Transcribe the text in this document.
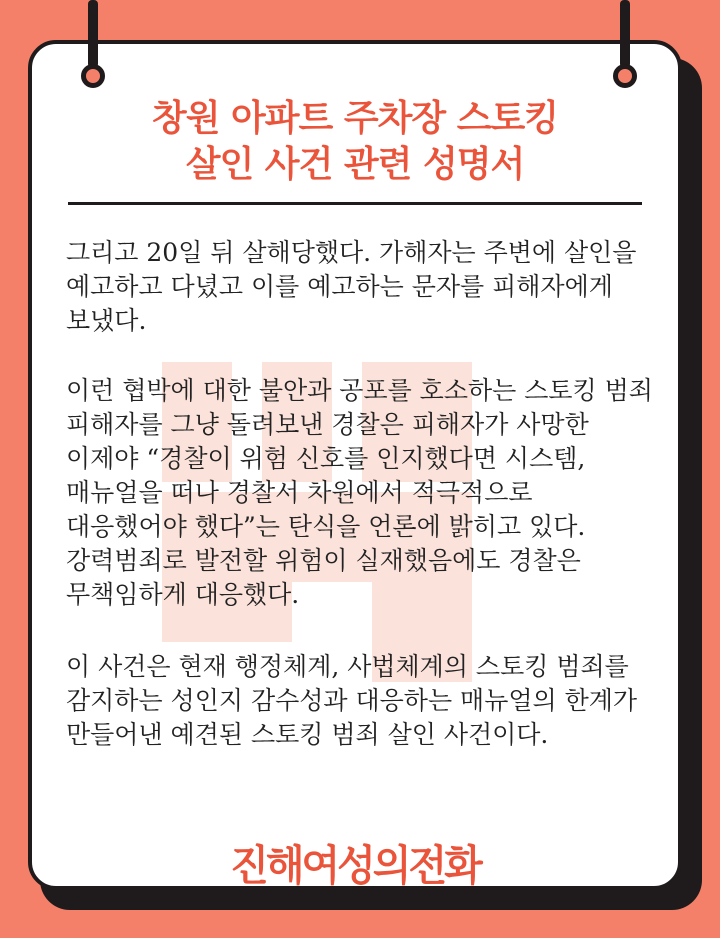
창원 아파트 주차장 스토킹
살인 사건 관련 성명서

그리고 20일 뒤 살해당했다. 가해자는 주변에 살인을 예고하고 다녔고 이를 예고하는 문자를 피해자에게 보냈다.

이런 협박에 대한 불안과 공포를 호소하는 스토킹 범죄 피해자를 그냥 돌려보낸 경찰은 피해자가 사망한 이제야 “경찰이 위험 신호를 인지했다면 시스템, 매뉴얼을 떠나 경찰서 차원에서 적극적으로 대응했어야 했다”는 탄식을 언론에 밝히고 있다. 강력범죄로 발전할 위험이 실재했음에도 경찰은 무책임하게 대응했다.

이 사건은 현재 행정체계, 사법체계의 스토킹 범죄를 감지하는 성인지 감수성과 대응하는 매뉴얼의 한계가 만들어낸 예견된 스토킹 범죄 살인 사건이다.

진해여성의전화
